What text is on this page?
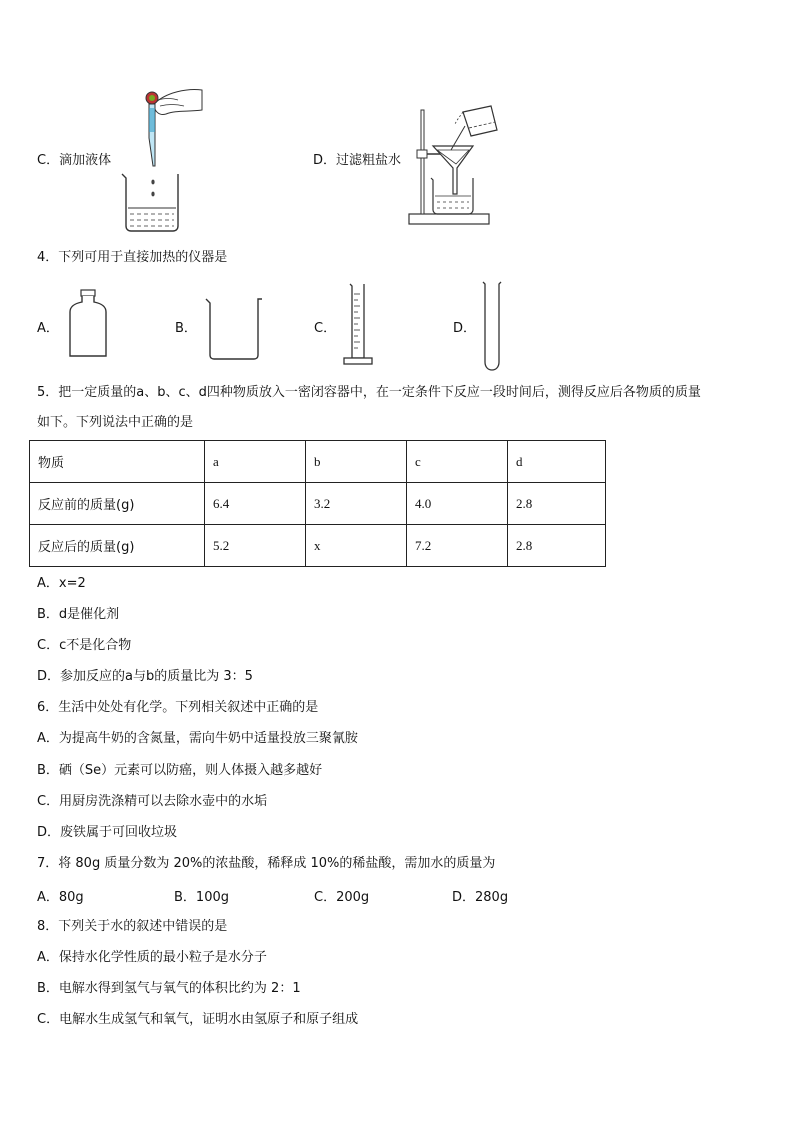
C．滴加液体	D．过滤粗盐水
4．下列可用于直接加热的仪器是
A．	B．	C．	D．
5．把一定质量的a、b、c、d四种物质放入一密闭容器中，在一定条件下反应一段时间后，测得反应后各物质的质量
如下。下列说法中正确的是
物质	a	b	c	d
反应前的质量(g)	6.4	3.2	4.0	2.8
反应后的质量(g)	5.2	x	7.2	2.8
A．x=2
B．d是催化剂
C．c不是化合物
D．参加反应的a与b的质量比为 3：5
6．生活中处处有化学。下列相关叙述中正确的是
A．为提高牛奶的含氮量，需向牛奶中适量投放三聚氰胺
B．硒（Se）元素可以防癌，则人体摄入越多越好
C．用厨房洗涤精可以去除水壶中的水垢
D．废铁属于可回收垃圾
7．将 80g 质量分数为 20%的浓盐酸，稀释成 10%的稀盐酸，需加水的质量为
A．80g	B．100g	C．200g	D．280g
8．下列关于水的叙述中错误的是
A．保持水化学性质的最小粒子是水分子
B．电解水得到氢气与氧气的体积比约为 2：1
C．电解水生成氢气和氧气，证明水由氢原子和原子组成
